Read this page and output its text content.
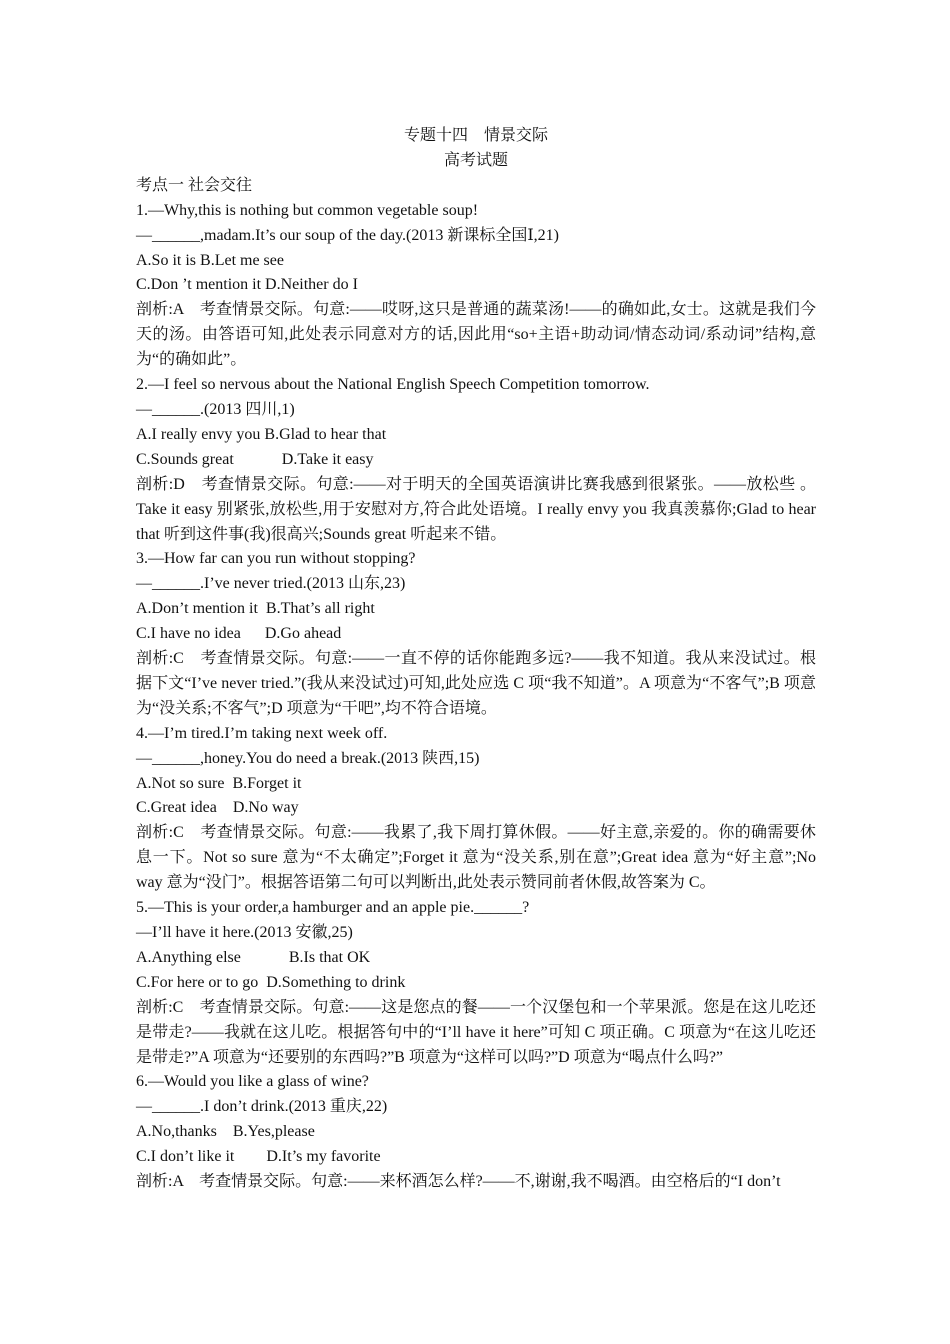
专题十四　情景交际

高考试题

考点一 社会交往

1.—Why,this is nothing but common vegetable soup!

—______,madam.It’s our soup of the day.(2013 新课标全国Ⅰ,21)

A.So it is B.Let me see

C.Don ’t mention it D.Neither do I

剖析:A　考查情景交际。句意:——哎呀,这只是普通的蔬菜汤!——的确如此,女士。这就是我们今天的汤。由答语可知,此处表示同意对方的话,因此用“so+主语+助动词/情态动词/系动词”结构,意为“的确如此”。

2.—I feel so nervous about the National English Speech Competition tomorrow.

—______.(2013 四川,1)

A.I really envy you B.Glad to hear that

C.Sounds great            D.Take it easy

剖析:D　考查情景交际。句意:——对于明天的全国英语演讲比赛我感到很紧张。——放松些 。Take it easy 别紧张,放松些,用于安慰对方,符合此处语境。I really envy you 我真羡慕你;Glad to hear that 听到这件事(我)很高兴;Sounds great 听起来不错。

3.—How far can you run without stopping?

—______.I’ve never tried.(2013 山东,23)

A.Don’t mention it  B.That’s all right

C.I have no idea      D.Go ahead

剖析:C　考查情景交际。句意:——一直不停的话你能跑多远?——我不知道。我从来没试过。根据下文“I’ve never tried.”(我从来没试过)可知,此处应选 C 项“我不知道”。A 项意为“不客气”;B 项意为“没关系;不客气”;D 项意为“干吧”,均不符合语境。

4.—I’m tired.I’m taking next week off.

—______,honey.You do need a break.(2013 陕西,15)

A.Not so sure  B.Forget it

C.Great idea    D.No way

剖析:C　考查情景交际。句意:——我累了,我下周打算休假。——好主意,亲爱的。你的确需要休息一下。Not so sure 意为“不太确定”;Forget it 意为“没关系,别在意”;Great idea 意为“好主意”;No way 意为“没门”。根据答语第二句可以判断出,此处表示赞同前者休假,故答案为 C。

5.—This is your order,a hamburger and an apple pie.______?

—I’ll have it here.(2013 安徽,25)

A.Anything else            B.Is that OK

C.For here or to go  D.Something to drink

剖析:C　考查情景交际。句意:——这是您点的餐——一个汉堡包和一个苹果派。您是在这儿吃还是带走?——我就在这儿吃。根据答句中的“I’ll have it here”可知 C 项正确。C 项意为“在这儿吃还是带走?”A 项意为“还要别的东西吗?”B 项意为“这样可以吗?”D 项意为“喝点什么吗?”

6.—Would you like a glass of wine?

—______.I don’t drink.(2013 重庆,22)

A.No,thanks    B.Yes,please

C.I don’t like it        D.It’s my favorite

剖析:A　考查情景交际。句意:——来杯酒怎么样?——不,谢谢,我不喝酒。由空格后的“I don’t
